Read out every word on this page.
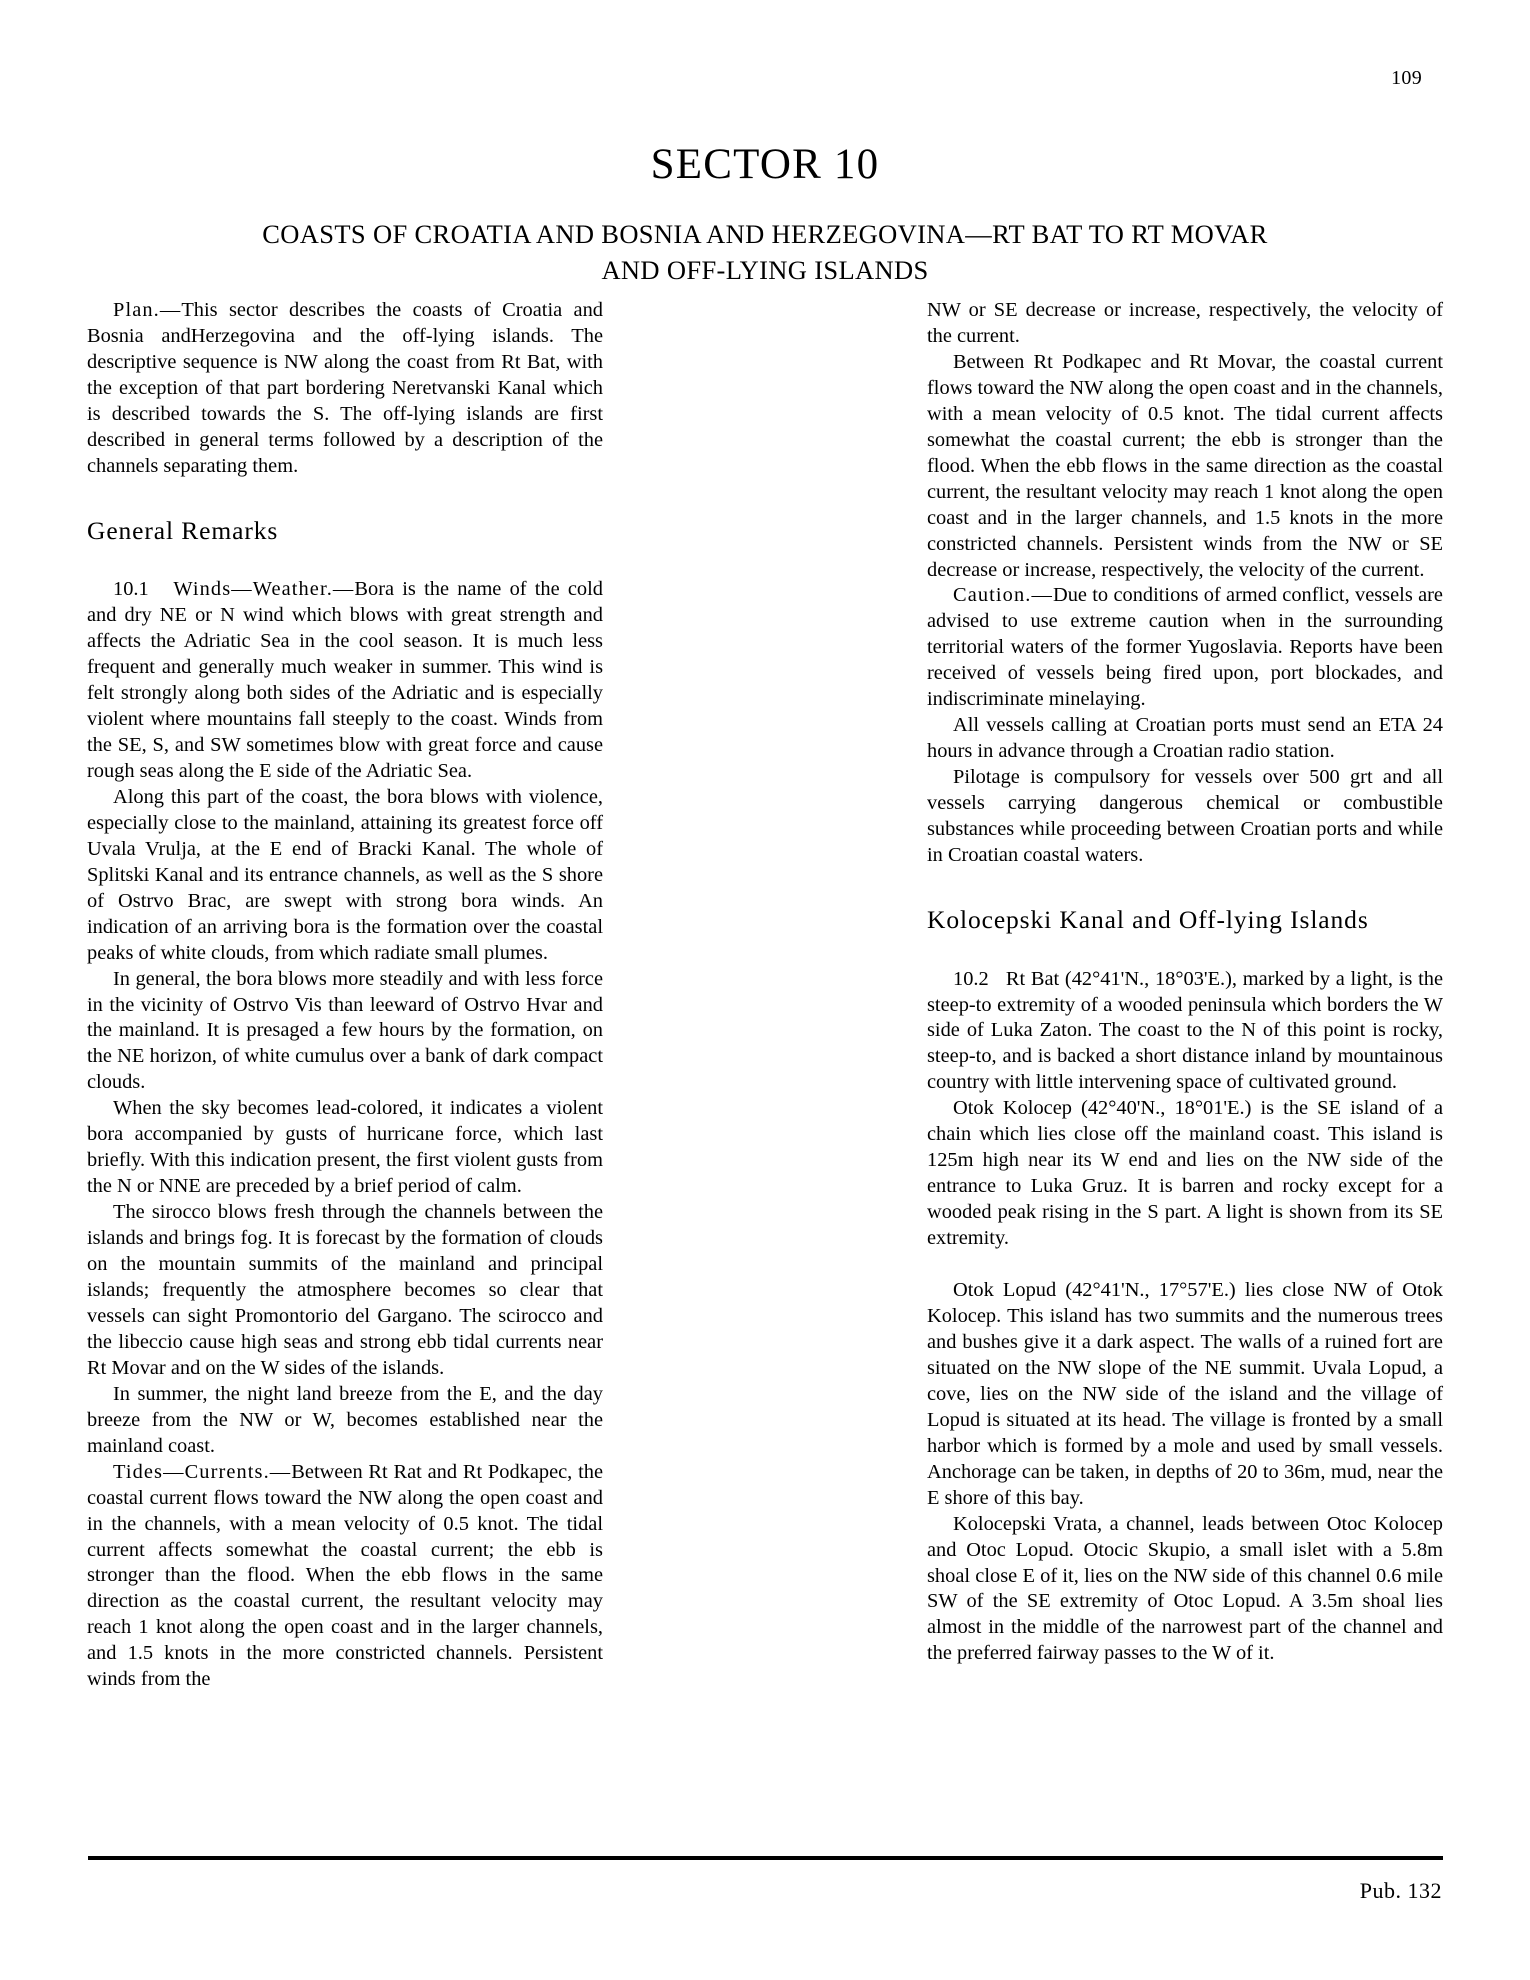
109
SECTOR 10
COASTS OF CROATIA AND BOSNIA AND HERZEGOVINA—RT BAT TO RT MOVAR
AND OFF-LYING ISLANDS

Plan.—This sector describes the coasts of Croatia and Bosnia andHerzegovina and the off-lying islands. The descriptive sequence is NW along the coast from Rt Bat, with the exception of that part bordering Neretvanski Kanal which is described towards the S. The off-lying islands are first described in general terms followed by a description of the channels separating them.

General Remarks

10.1 Winds—Weather.—Bora is the name of the cold and dry NE or N wind which blows with great strength and affects the Adriatic Sea in the cool season. It is much less frequent and generally much weaker in summer. This wind is felt strongly along both sides of the Adriatic and is especially violent where mountains fall steeply to the coast. Winds from the SE, S, and SW sometimes blow with great force and cause rough seas along the E side of the Adriatic Sea.

Along this part of the coast, the bora blows with violence, especially close to the mainland, attaining its greatest force off Uvala Vrulja, at the E end of Bracki Kanal. The whole of Splitski Kanal and its entrance channels, as well as the S shore of Ostrvo Brac, are swept with strong bora winds. An indication of an arriving bora is the formation over the coastal peaks of white clouds, from which radiate small plumes.

In general, the bora blows more steadily and with less force in the vicinity of Ostrvo Vis than leeward of Ostrvo Hvar and the mainland. It is presaged a few hours by the formation, on the NE horizon, of white cumulus over a bank of dark compact clouds.

When the sky becomes lead-colored, it indicates a violent bora accompanied by gusts of hurricane force, which last briefly. With this indication present, the first violent gusts from the N or NNE are preceded by a brief period of calm.

The sirocco blows fresh through the channels between the islands and brings fog. It is forecast by the formation of clouds on the mountain summits of the mainland and principal islands; frequently the atmosphere becomes so clear that vessels can sight Promontorio del Gargano. The scirocco and the libeccio cause high seas and strong ebb tidal currents near Rt Movar and on the W sides of the islands.

In summer, the night land breeze from the E, and the day breeze from the NW or W, becomes established near the mainland coast.

Tides—Currents.—Between Rt Rat and Rt Podkapec, the coastal current flows toward the NW along the open coast and in the channels, with a mean velocity of 0.5 knot. The tidal current affects somewhat the coastal current; the ebb is stronger than the flood. When the ebb flows in the same direction as the coastal current, the resultant velocity may reach 1 knot along the open coast and in the larger channels, and 1.5 knots in the more constricted channels. Persistent winds from the

NW or SE decrease or increase, respectively, the velocity of the current.

Between Rt Podkapec and Rt Movar, the coastal current flows toward the NW along the open coast and in the channels, with a mean velocity of 0.5 knot. The tidal current affects somewhat the coastal current; the ebb is stronger than the flood. When the ebb flows in the same direction as the coastal current, the resultant velocity may reach 1 knot along the open coast and in the larger channels, and 1.5 knots in the more constricted channels. Persistent winds from the NW or SE decrease or increase, respectively, the velocity of the current.

Caution.—Due to conditions of armed conflict, vessels are advised to use extreme caution when in the surrounding territorial waters of the former Yugoslavia. Reports have been received of vessels being fired upon, port blockades, and indiscriminate minelaying.

All vessels calling at Croatian ports must send an ETA 24 hours in advance through a Croatian radio station.

Pilotage is compulsory for vessels over 500 grt and all vessels carrying dangerous chemical or combustible substances while proceeding between Croatian ports and while in Croatian coastal waters.

Kolocepski Kanal and Off-lying Islands

10.2 Rt Bat (42°41'N., 18°03'E.), marked by a light, is the steep-to extremity of a wooded peninsula which borders the W side of Luka Zaton. The coast to the N of this point is rocky, steep-to, and is backed a short distance inland by mountainous country with little intervening space of cultivated ground.

Otok Kolocep (42°40'N., 18°01'E.) is the SE island of a chain which lies close off the mainland coast. This island is 125m high near its W end and lies on the NW side of the entrance to Luka Gruz. It is barren and rocky except for a wooded peak rising in the S part. A light is shown from its SE extremity.

Otok Lopud (42°41'N., 17°57'E.) lies close NW of Otok Kolocep. This island has two summits and the numerous trees and bushes give it a dark aspect. The walls of a ruined fort are situated on the NW slope of the NE summit. Uvala Lopud, a cove, lies on the NW side of the island and the village of Lopud is situated at its head. The village is fronted by a small harbor which is formed by a mole and used by small vessels. Anchorage can be taken, in depths of 20 to 36m, mud, near the E shore of this bay.

Kolocepski Vrata, a channel, leads between Otoc Kolocep and Otoc Lopud. Otocic Skupio, a small islet with a 5.8m shoal close E of it, lies on the NW side of this channel 0.6 mile SW of the SE extremity of Otoc Lopud. A 3.5m shoal lies almost in the middle of the narrowest part of the channel and the preferred fairway passes to the W of it.

Pub. 132
